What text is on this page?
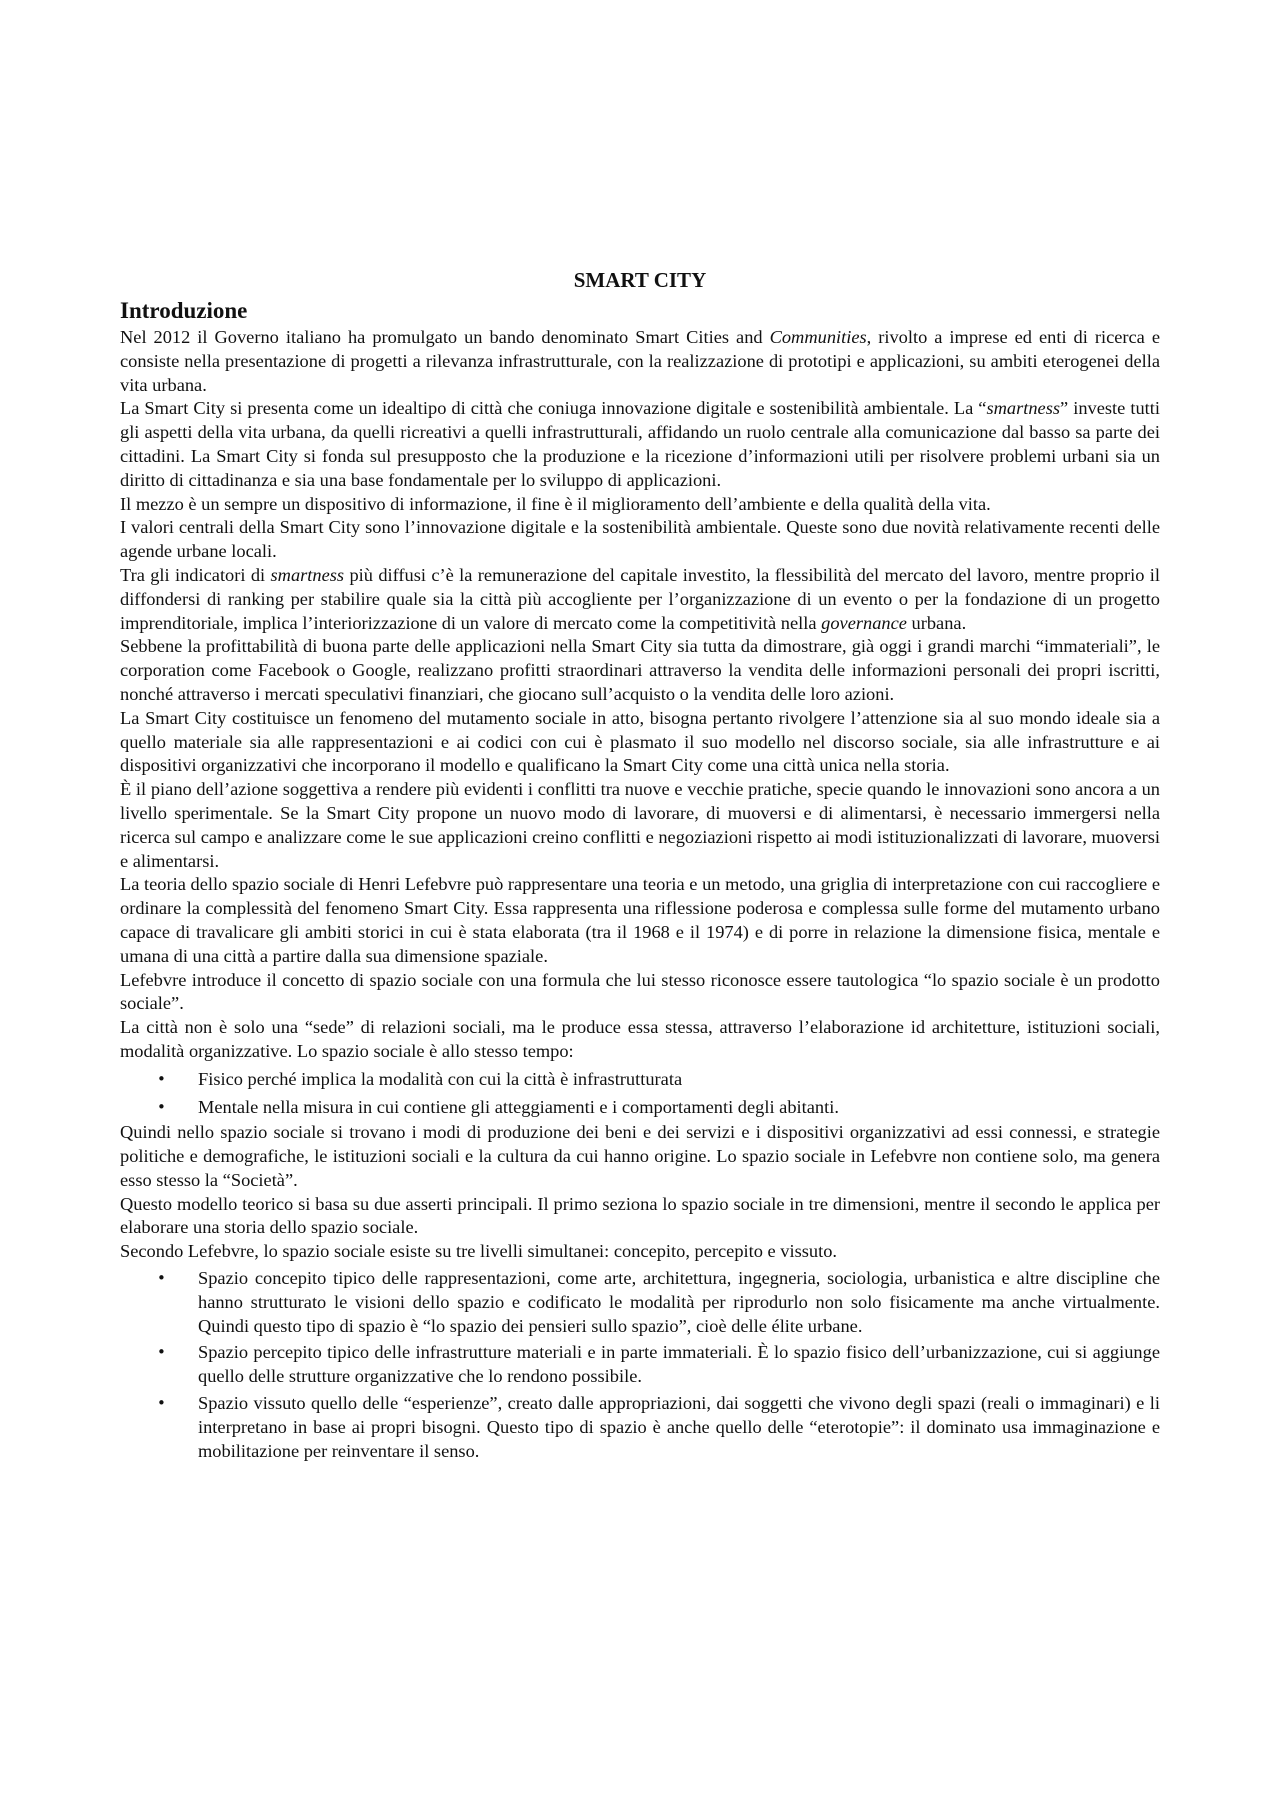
SMART CITY
Introduzione

Nel 2012 il Governo italiano ha promulgato un bando denominato Smart Cities and Communities, rivolto a imprese ed enti di ricerca e consiste nella presentazione di progetti a rilevanza infrastrutturale, con la realizzazione di prototipi e applicazioni, su ambiti eterogenei della vita urbana.

La Smart City si presenta come un idealtipo di città che coniuga innovazione digitale e sostenibilità ambientale. La “smartness” investe tutti gli aspetti della vita urbana, da quelli ricreativi a quelli infrastrutturali, affidando un ruolo centrale alla comunicazione dal basso sa parte dei cittadini. La Smart City si fonda sul presupposto che la produzione e la ricezione d’informazioni utili per risolvere problemi urbani sia un diritto di cittadinanza e sia una base fondamentale per lo sviluppo di applicazioni.

Il mezzo è un sempre un dispositivo di informazione, il fine è il miglioramento dell’ambiente e della qualità della vita.

I valori centrali della Smart City sono l’innovazione digitale e la sostenibilità ambientale. Queste sono due novità relativamente recenti delle agende urbane locali.

Tra gli indicatori di smartness più diffusi c’è la remunerazione del capitale investito, la flessibilità del mercato del lavoro, mentre proprio il diffondersi di ranking per stabilire quale sia la città più accogliente per l’organizzazione di un evento o per la fondazione di un progetto imprenditoriale, implica l’interiorizzazione di un valore di mercato come la competitività nella governance urbana.

Sebbene la profittabilità di buona parte delle applicazioni nella Smart City sia tutta da dimostrare, già oggi i grandi marchi “immateriali”, le corporation come Facebook o Google, realizzano profitti straordinari attraverso la vendita delle informazioni personali dei propri iscritti, nonché attraverso i mercati speculativi finanziari, che giocano sull’acquisto o la vendita delle loro azioni.

La Smart City costituisce un fenomeno del mutamento sociale in atto, bisogna pertanto rivolgere l’attenzione sia al suo mondo ideale sia a quello materiale sia alle rappresentazioni e ai codici con cui è plasmato il suo modello nel discorso sociale, sia alle infrastrutture e ai dispositivi organizzativi che incorporano il modello e qualificano la Smart City come una città unica nella storia.

È il piano dell’azione soggettiva a rendere più evidenti i conflitti tra nuove e vecchie pratiche, specie quando le innovazioni sono ancora a un livello sperimentale. Se la Smart City propone un nuovo modo di lavorare, di muoversi e di alimentarsi, è necessario immergersi nella ricerca sul campo e analizzare come le sue applicazioni creino conflitti e negoziazioni rispetto ai modi istituzionalizzati di lavorare, muoversi e alimentarsi.

La teoria dello spazio sociale di Henri Lefebvre può rappresentare una teoria e un metodo, una griglia di interpretazione con cui raccogliere e ordinare la complessità del fenomeno Smart City. Essa rappresenta una riflessione poderosa e complessa sulle forme del mutamento urbano capace di travalicare gli ambiti storici in cui è stata elaborata (tra il 1968 e il 1974) e di porre in relazione la dimensione fisica, mentale e umana di una città a partire dalla sua dimensione spaziale.

Lefebvre introduce il concetto di spazio sociale con una formula che lui stesso riconosce essere tautologica “lo spazio sociale è un prodotto sociale”.

La città non è solo una “sede” di relazioni sociali, ma le produce essa stessa, attraverso l’elaborazione id architetture, istituzioni sociali, modalità organizzative. Lo spazio sociale è allo stesso tempo:

• Fisico perché implica la modalità con cui la città è infrastrutturata
• Mentale nella misura in cui contiene gli atteggiamenti e i comportamenti degli abitanti.

Quindi nello spazio sociale si trovano i modi di produzione dei beni e dei servizi e i dispositivi organizzativi ad essi connessi, e strategie politiche e demografiche, le istituzioni sociali e la cultura da cui hanno origine. Lo spazio sociale in Lefebvre non contiene solo, ma genera esso stesso la “Società”.

Questo modello teorico si basa su due asserti principali. Il primo seziona lo spazio sociale in tre dimensioni, mentre il secondo le applica per elaborare una storia dello spazio sociale.

Secondo Lefebvre, lo spazio sociale esiste su tre livelli simultanei: concepito, percepito e vissuto.

• Spazio concepito tipico delle rappresentazioni, come arte, architettura, ingegneria, sociologia, urbanistica e altre discipline che hanno strutturato le visioni dello spazio e codificato le modalità per riprodurlo non solo fisicamente ma anche virtualmente. Quindi questo tipo di spazio è “lo spazio dei pensieri sullo spazio”, cioè delle élite urbane.
• Spazio percepito tipico delle infrastrutture materiali e in parte immateriali. È lo spazio fisico dell’urbanizzazione, cui si aggiunge quello delle strutture organizzative che lo rendono possibile.
• Spazio vissuto quello delle “esperienze”, creato dalle appropriazioni, dai soggetti che vivono degli spazi (reali o immaginari) e li interpretano in base ai propri bisogni. Questo tipo di spazio è anche quello delle “eterotopie”: il dominato usa immaginazione e mobilitazione per reinventare il senso.
